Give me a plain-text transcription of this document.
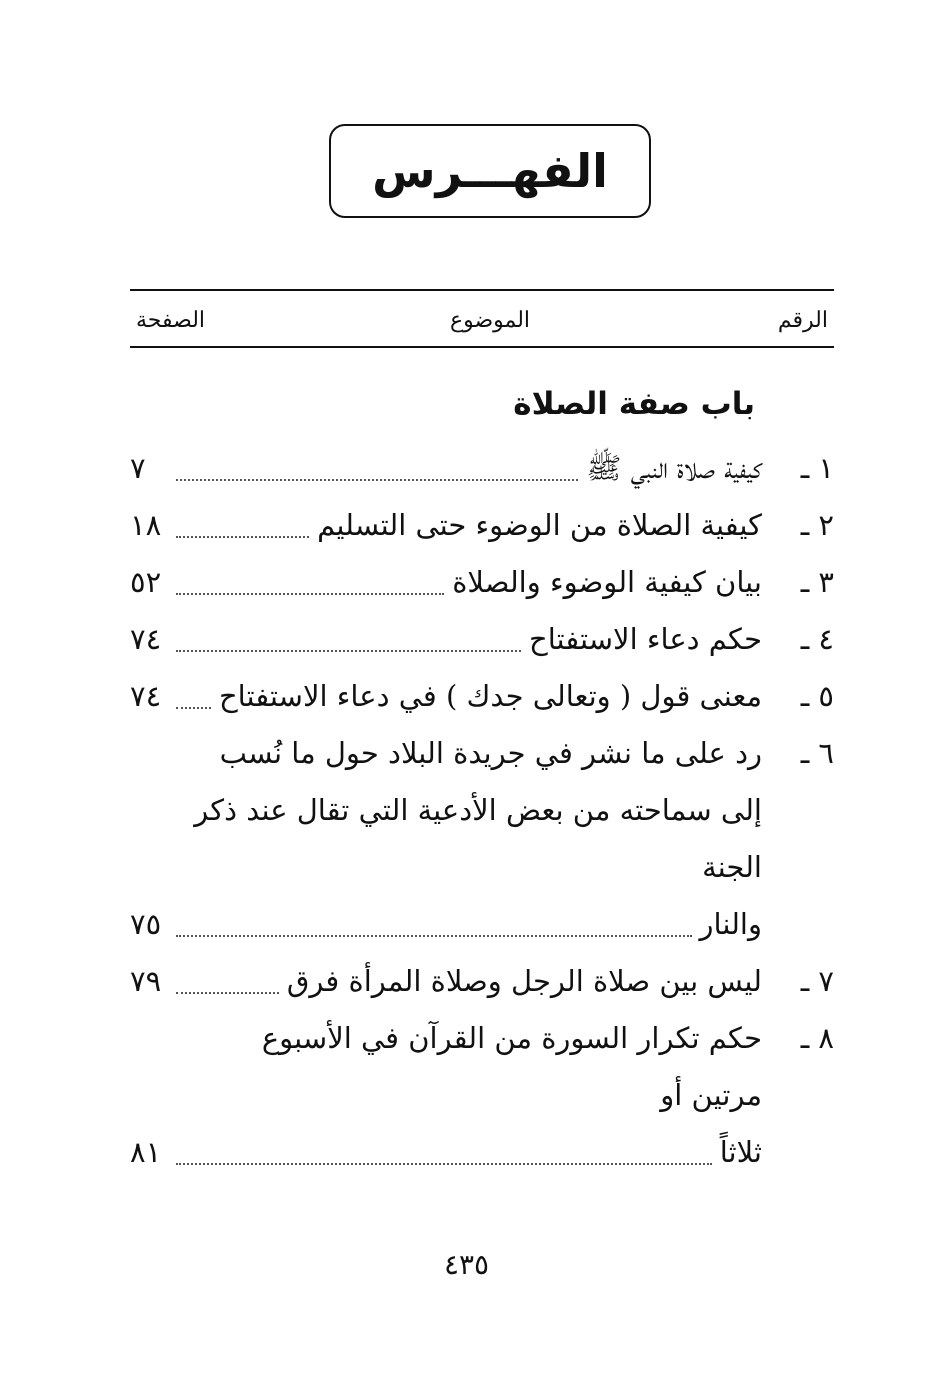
الفهـــرس
الرقم
الموضوع
الصفحة
باب صفة الصلاة
١ ـ
كيفية صلاة النبي ﷺ
٧
٢ ـ
كيفية الصلاة من الوضوء حتى التسليم
١٨
٣ ـ
بيان كيفية الوضوء والصلاة
٥٢
٤ ـ
حكم دعاء الاستفتاح
٧٤
٥ ـ
معنى قول ( وتعالى جدك ) في دعاء الاستفتاح
٧٤
٦ ـ
رد على ما نشر في جريدة البلاد حول ما نُسب إلى سماحته من بعض الأدعية التي تقال عند ذكر الجنة
والنار
٧٥
٧ ـ
ليس بين صلاة الرجل وصلاة المرأة فرق
٧٩
٨ ـ
حكم تكرار السورة من القرآن في الأسبوع مرتين أو
ثلاثاً
٨١
٤٣٥
